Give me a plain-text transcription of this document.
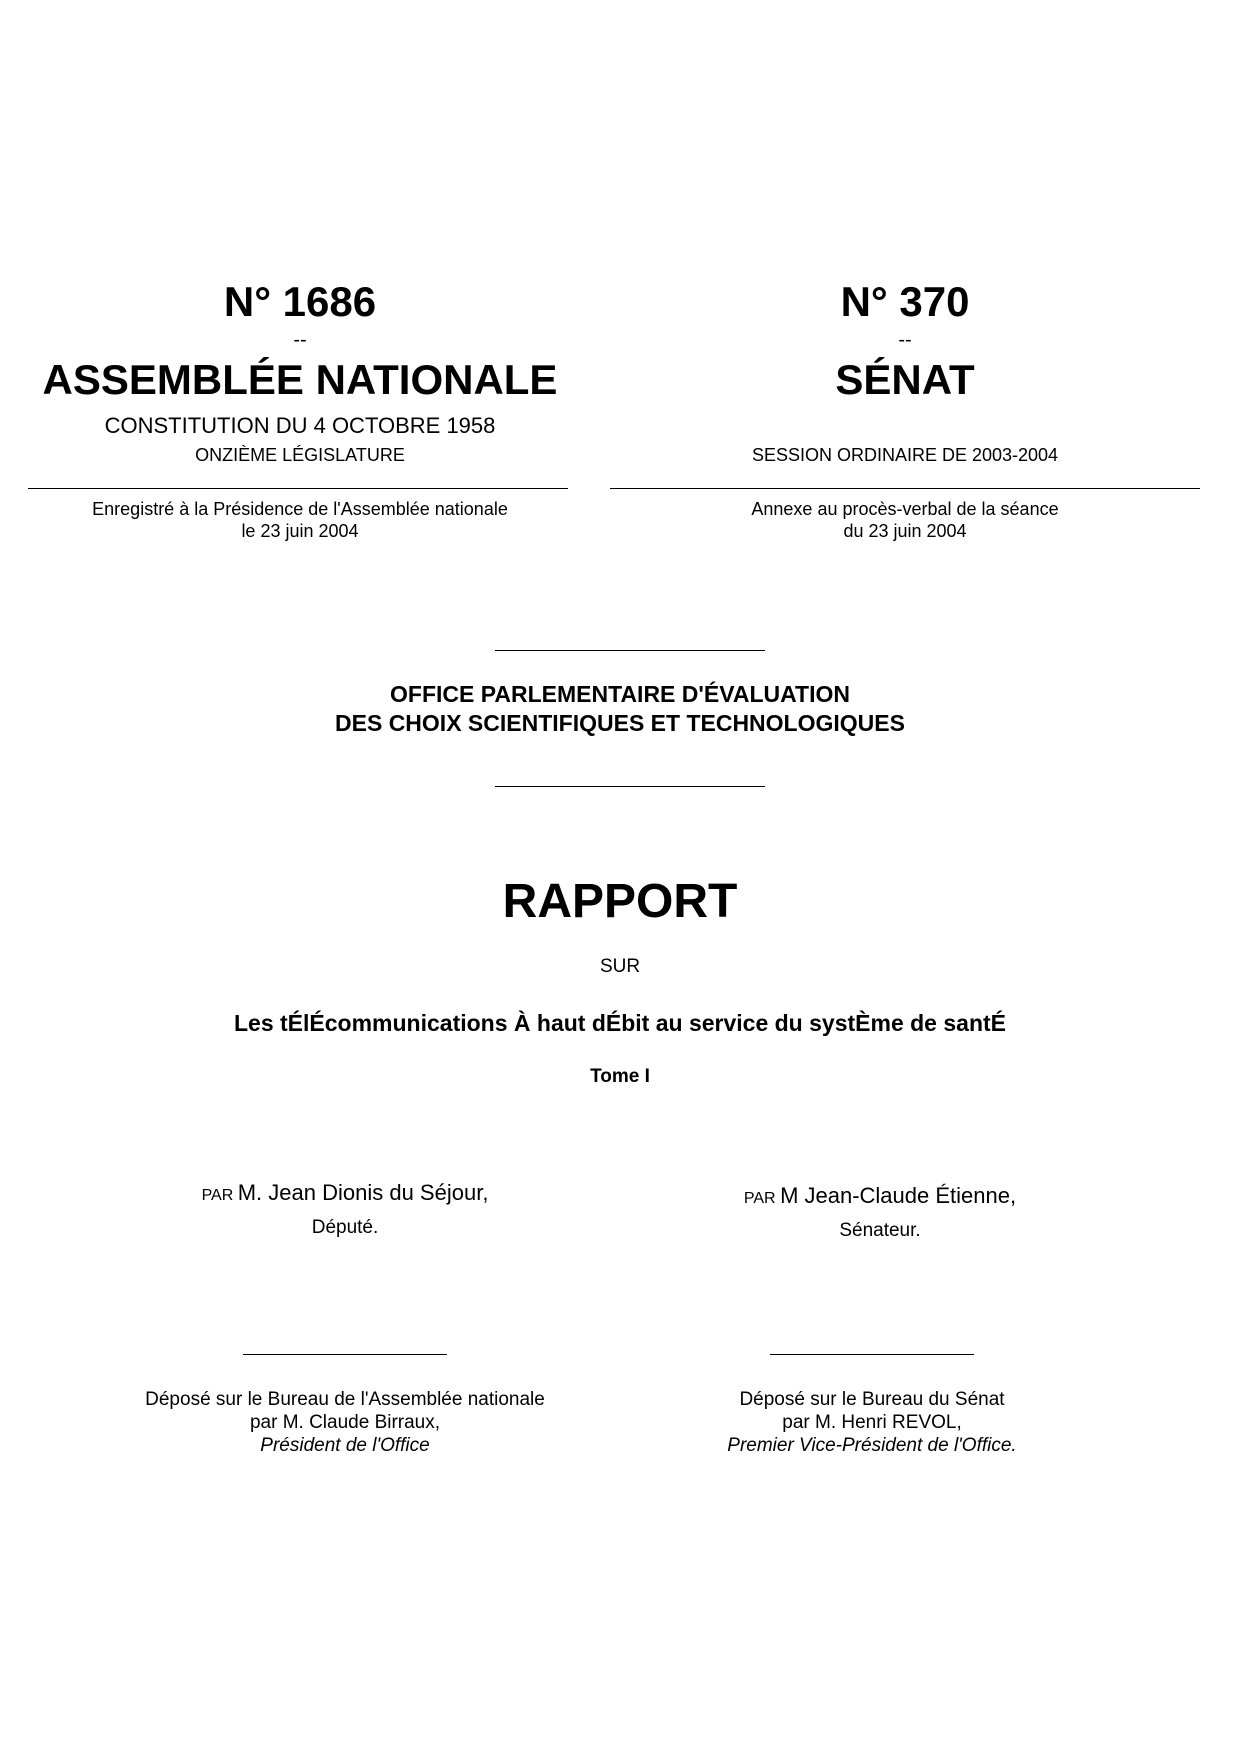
N° 1686
--
ASSEMBLÉE NATIONALE
CONSTITUTION DU 4 OCTOBRE 1958
ONZIÈME LÉGISLATURE
Enregistré à la Présidence de l'Assemblée nationale
le 23 juin 2004
N° 370
--
SÉNAT
SESSION ORDINAIRE DE 2003-2004
Annexe au procès-verbal de la séance
du 23 juin 2004
OFFICE PARLEMENTAIRE D'ÉVALUATION
DES CHOIX SCIENTIFIQUES ET TECHNOLOGIQUES
RAPPORT
SUR
Les tÉlÉcommunications À haut dÉbit au service du systÈme de santÉ
Tome I
PAR M. Jean Dionis du Séjour,
Député.
PAR M Jean-Claude Étienne,
Sénateur.
Déposé sur le Bureau de l'Assemblée nationale
par M. Claude Birraux,
Président de l'Office
Déposé sur le Bureau du Sénat
par M. Henri REVOL,
Premier Vice-Président de l'Office.
